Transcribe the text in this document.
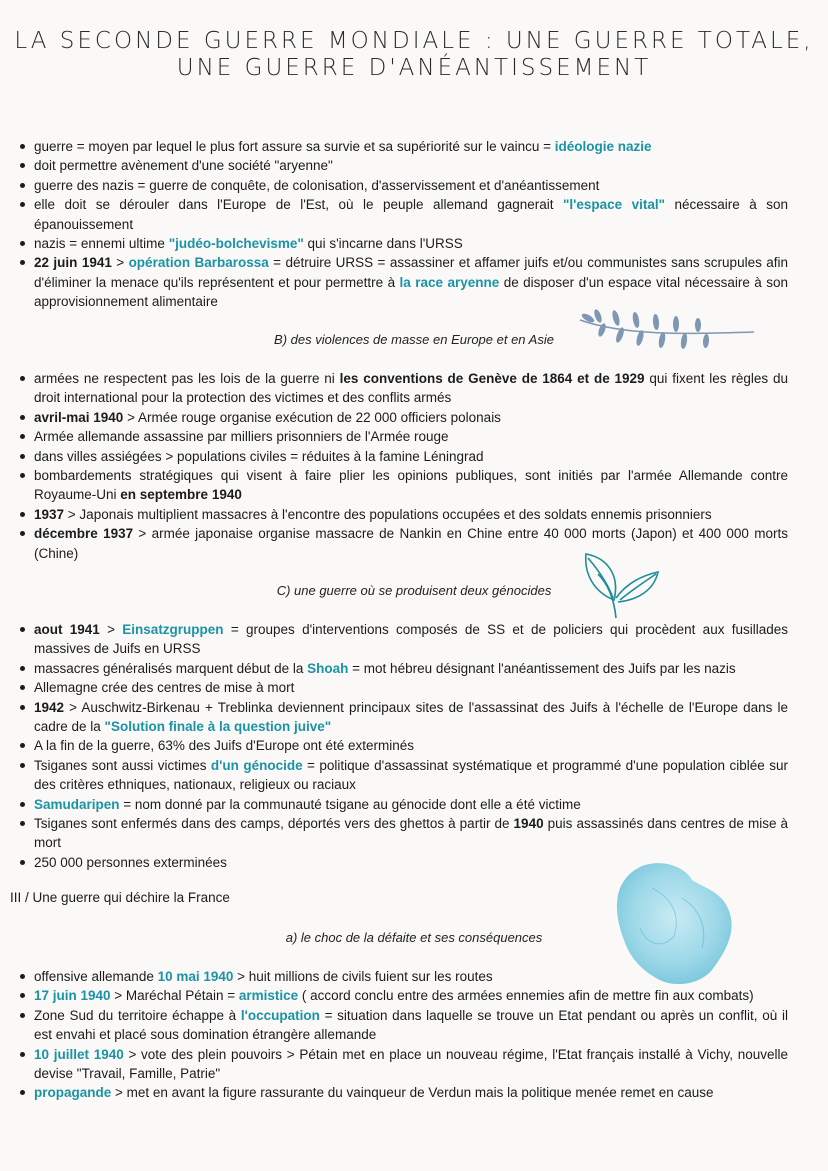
LA SECONDE GUERRE MONDIALE : UNE GUERRE TOTALE,
UNE GUERRE D'ANÉANTISSEMENT
guerre = moyen par lequel le plus fort assure sa survie et sa supériorité sur le vaincu = idéologie nazie
doit permettre avènement d'une société "aryenne"
guerre des nazis = guerre de conquête, de colonisation, d'asservissement et d'anéantissement
elle doit se dérouler dans l'Europe de l'Est, où le peuple allemand gagnerait "l'espace vital" nécessaire à son épanouissement
nazis = ennemi ultime "judéo-bolchevisme" qui s'incarne dans l'URSS
22 juin 1941 > opération Barbarossa = détruire URSS = assassiner et affamer juifs et/ou communistes sans scrupules afin d'éliminer la menace qu'ils représentent et pour permettre à la race aryenne de disposer d'un espace vital nécessaire à son approvisionnement alimentaire
B) des violences de masse en Europe et en Asie
armées ne respectent pas les lois de la guerre ni les conventions de Genève de 1864 et de 1929 qui fixent les règles du droit international pour la protection des victimes et des conflits armés
avril-mai 1940 > Armée rouge organise exécution de 22 000 officiers polonais
Armée allemande assassine par milliers prisonniers de l'Armée rouge
dans villes assiégées > populations civiles = réduites à la famine Léningrad
bombardements stratégiques qui visent à faire plier les opinions publiques, sont initiés par l'armée Allemande contre Royaume-Uni en septembre 1940
1937 > Japonais multiplient massacres à l'encontre des populations occupées et des soldats ennemis prisonniers
décembre 1937 > armée japonaise organise massacre de Nankin en Chine entre 40 000 morts (Japon) et 400 000 morts (Chine)
C) une guerre où se produisent deux génocides
aout 1941 > Einsatzgruppen = groupes d'interventions composés de SS et de policiers qui procèdent aux fusillades massives de Juifs en URSS
massacres généralisés marquent début de la Shoah = mot hébreu désignant l'anéantissement des Juifs par les nazis
Allemagne crée des centres de mise à mort
1942 > Auschwitz-Birkenau + Treblinka deviennent principaux sites de l'assassinat des Juifs à l'échelle de l'Europe dans le cadre de la "Solution finale à la question juive"
A la fin de la guerre, 63% des Juifs d'Europe ont été exterminés
Tsiganes sont aussi victimes d'un génocide = politique d'assassinat systématique et programmé d'une population ciblée sur des critères ethniques, nationaux, religieux ou raciaux
Samudaripen = nom donné par la communauté tsigane au génocide dont elle a été victime
Tsiganes sont enfermés dans des camps, déportés vers des ghettos à partir de 1940 puis assassinés dans centres de mise à mort
250 000 personnes exterminées
III / Une guerre qui déchire la France
a) le choc de la défaite et ses conséquences
offensive allemande 10 mai 1940 > huit millions de civils fuient sur les routes
17 juin 1940 > Maréchal Pétain = armistice ( accord conclu entre des armées ennemies afin de mettre fin aux combats)
Zone Sud du territoire échappe à l'occupation = situation dans laquelle se trouve un Etat pendant ou après un conflit, où il est envahi et placé sous domination étrangère allemande
10 juillet 1940 > vote des plein pouvoirs > Pétain met en place un nouveau régime, l'Etat français installé à Vichy, nouvelle devise "Travail, Famille, Patrie"
propagande > met en avant la figure rassurante du vainqueur de Verdun mais la politique menée remet en cause
